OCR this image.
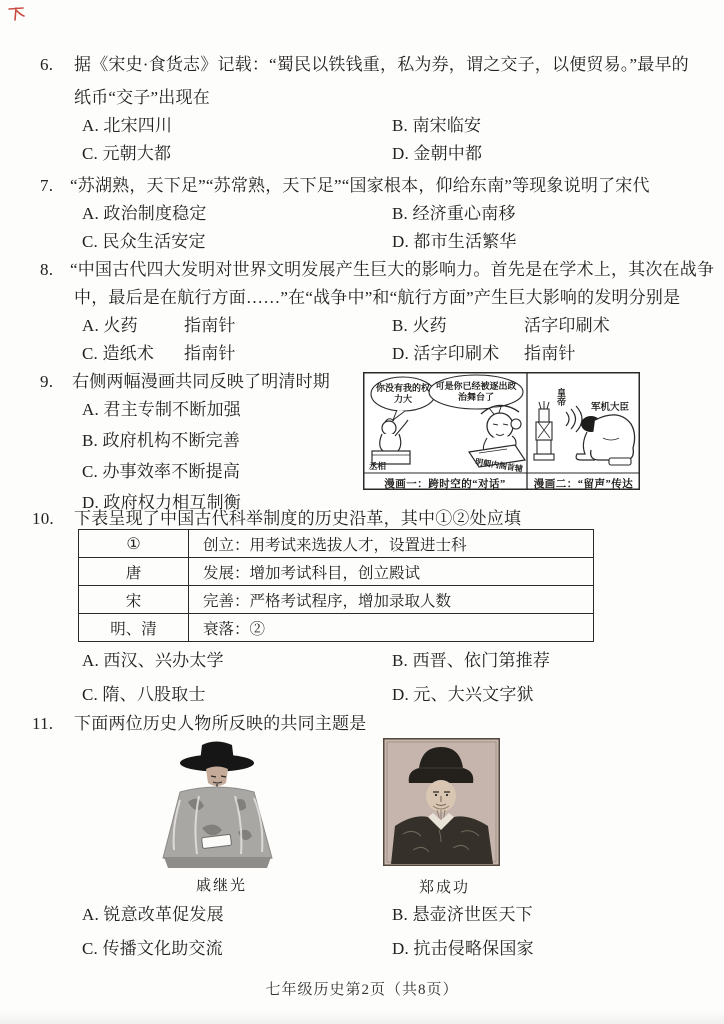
6. 据《宋史·食货志》记载：“蜀民以铁钱重，私为券，谓之交子，以便贸易。”最早的
纸币“交子”出现在
A. 北宋四川	B. 南宋临安
C. 元朝大都	D. 金朝中都
7. “苏湖熟，天下足”“苏常熟，天下足”“国家根本，仰给东南”等现象说明了宋代
A. 政治制度稳定	B. 经济重心南移
C. 民众生活安定	D. 都市生活繁华
8. “中国古代四大发明对世界文明发展产生巨大的影响力。首先是在学术上，其次在战争
中，最后是在航行方面……”在“战争中”和“航行方面”产生巨大影响的发明分别是
A. 火药	指南针	B. 火药	活字印刷术
C. 造纸术 指南针	D. 活字印刷术 指南针
9. 右侧两幅漫画共同反映了明清时期
A. 君主专制不断加强
B. 政府机构不断完善
C. 办事效率不断提高
D. 政府权力相互制衡
你没有我的权力大
可是你已经被逐出政治舞台了
丞相	明朝内阁首辅
皇帝
军机大臣
漫画一：跨时空的“对话”	漫画二：“留声”传达
10. 下表呈现了中国古代科举制度的历史沿革，其中①②处应填
①	创立：用考试来选拔人才，设置进士科
唐	发展：增加考试科目，创立殿试
宋	完善：严格考试程序，增加录取人数
明、清	衰落：②
A. 西汉、兴办太学	B. 西晋、依门第推荐
C. 隋、八股取士	D. 元、大兴文字狱
11. 下面两位历史人物所反映的共同主题是
戚继光	郑成功
A. 锐意改革促发展	B. 悬壶济世医天下
C. 传播文化助交流	D. 抗击侵略保国家
七年级历史第2页（共8页）
